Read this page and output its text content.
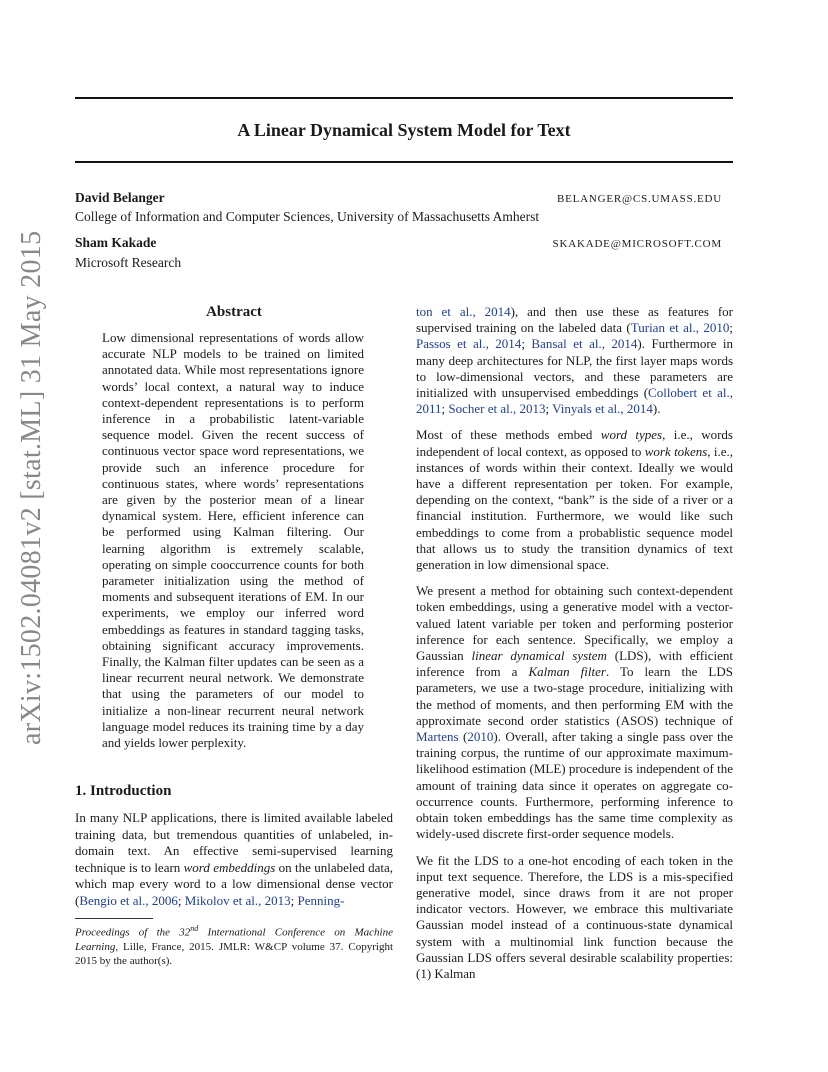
A Linear Dynamical System Model for Text

David Belanger	BELANGER@CS.UMASS.EDU

College of Information and Computer Sciences, University of Massachusetts Amherst

Sham Kakade	SKAKADE@MICROSOFT.COM

Microsoft Research

arXiv:1502.04081v2 [stat.ML] 31 May 2015	Abstract

Low dimensional representations of words allow accurate NLP models to be trained on limited annotated data. While most representations ignore words’ local context, a natural way to induce context-dependent representations is to perform inference in a probabilistic latent-variable sequence model. Given the recent success of continuous vector space word representations, we provide such an inference procedure for continuous states, where words’ representations are given by the posterior mean of a linear dynamical system. Here, efficient inference can be performed using Kalman filtering. Our learning algorithm is extremely scalable, operating on simple cooccurrence counts for both parameter initialization using the method of moments and subsequent iterations of EM. In our experiments, we employ our inferred word embeddings as features in standard tagging tasks, obtaining significant accuracy improvements. Finally, the Kalman filter updates can be seen as a linear recurrent neural network. We demonstrate that using the parameters of our model to initialize a non-linear recurrent neural network language model reduces its training time by a day and yields lower perplexity.

1. Introduction

In many NLP applications, there is limited available labeled training data, but tremendous quantities of unlabeled, in-domain text. An effective semi-supervised learning technique is to learn word embeddings on the unlabeled data, which map every word to a low dimensional dense vector (Bengio et al., 2006; Mikolov et al., 2013; Penning-

Proceedings of the 32nd International Conference on Machine Learning, Lille, France, 2015. JMLR: W&CP volume 37. Copyright 2015 by the author(s).

ton et al., 2014), and then use these as features for supervised training on the labeled data (Turian et al., 2010; Passos et al., 2014; Bansal et al., 2014). Furthermore in many deep architectures for NLP, the first layer maps words to low-dimensional vectors, and these parameters are initialized with unsupervised embeddings (Collobert et al., 2011; Socher et al., 2013; Vinyals et al., 2014).

Most of these methods embed word types, i.e., words independent of local context, as opposed to work tokens, i.e., instances of words within their context. Ideally we would have a different representation per token. For example, depending on the context, “bank” is the side of a river or a financial institution. Furthermore, we would like such embeddings to come from a probablistic sequence model that allows us to study the transition dynamics of text generation in low dimensional space.

We present a method for obtaining such context-dependent token embeddings, using a generative model with a vector-valued latent variable per token and performing posterior inference for each sentence. Specifically, we employ a Gaussian linear dynamical system (LDS), with efficient inference from a Kalman filter. To learn the LDS parameters, we use a two-stage procedure, initializing with the method of moments, and then performing EM with the approximate second order statistics (ASOS) technique of Martens (2010). Overall, after taking a single pass over the training corpus, the runtime of our approximate maximum-likelihood estimation (MLE) procedure is independent of the amount of training data since it operates on aggregate co-occurrence counts. Furthermore, performing inference to obtain token embeddings has the same time complexity as widely-used discrete first-order sequence models.

We fit the LDS to a one-hot encoding of each token in the input text sequence. Therefore, the LDS is a mis-specified generative model, since draws from it are not proper indicator vectors. However, we embrace this multivariate Gaussian model instead of a continuous-state dynamical system with a multinomial link function because the Gaussian LDS offers several desirable scalability properties: (1) Kalman
